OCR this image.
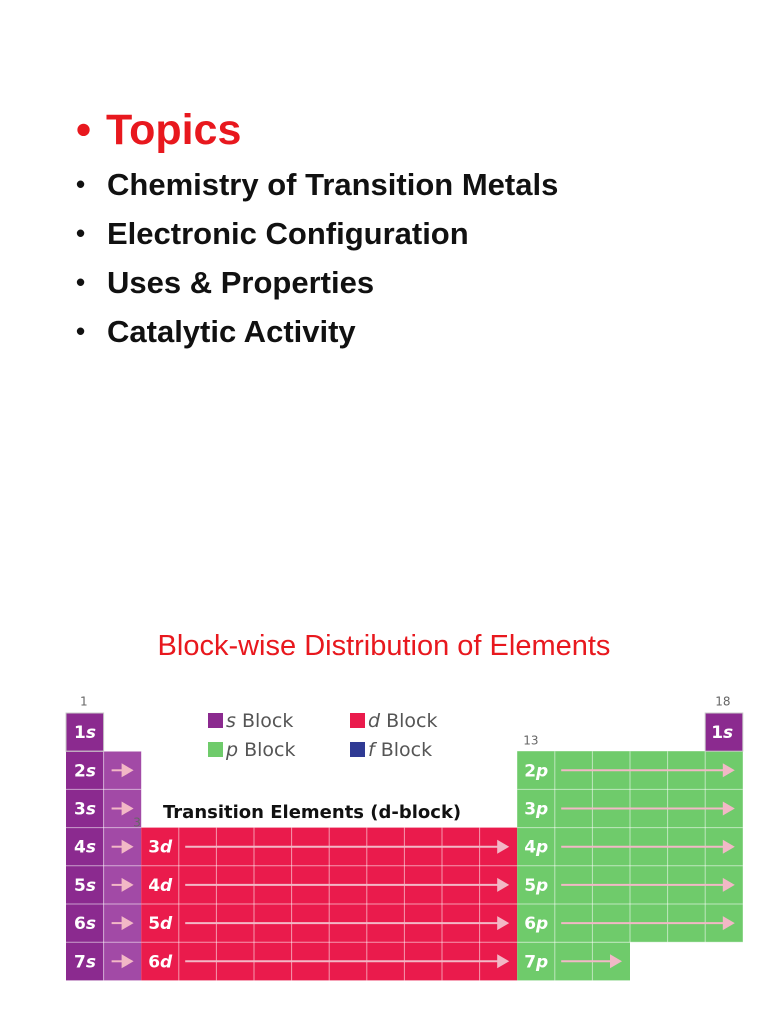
• Topics
• Chemistry of Transition Metals
• Electronic Configuration
• Uses & Properties
• Catalytic Activity
Block-wise Distribution of Elements
1s
2s
3s
4s
5s
6s
7s
3d
4d
5d
6d
2p
3p
4p
5p
6p
7p
1s
1
3
13
18
Transition Elements (d-block)
s Block	d Block
p Block	f Block
